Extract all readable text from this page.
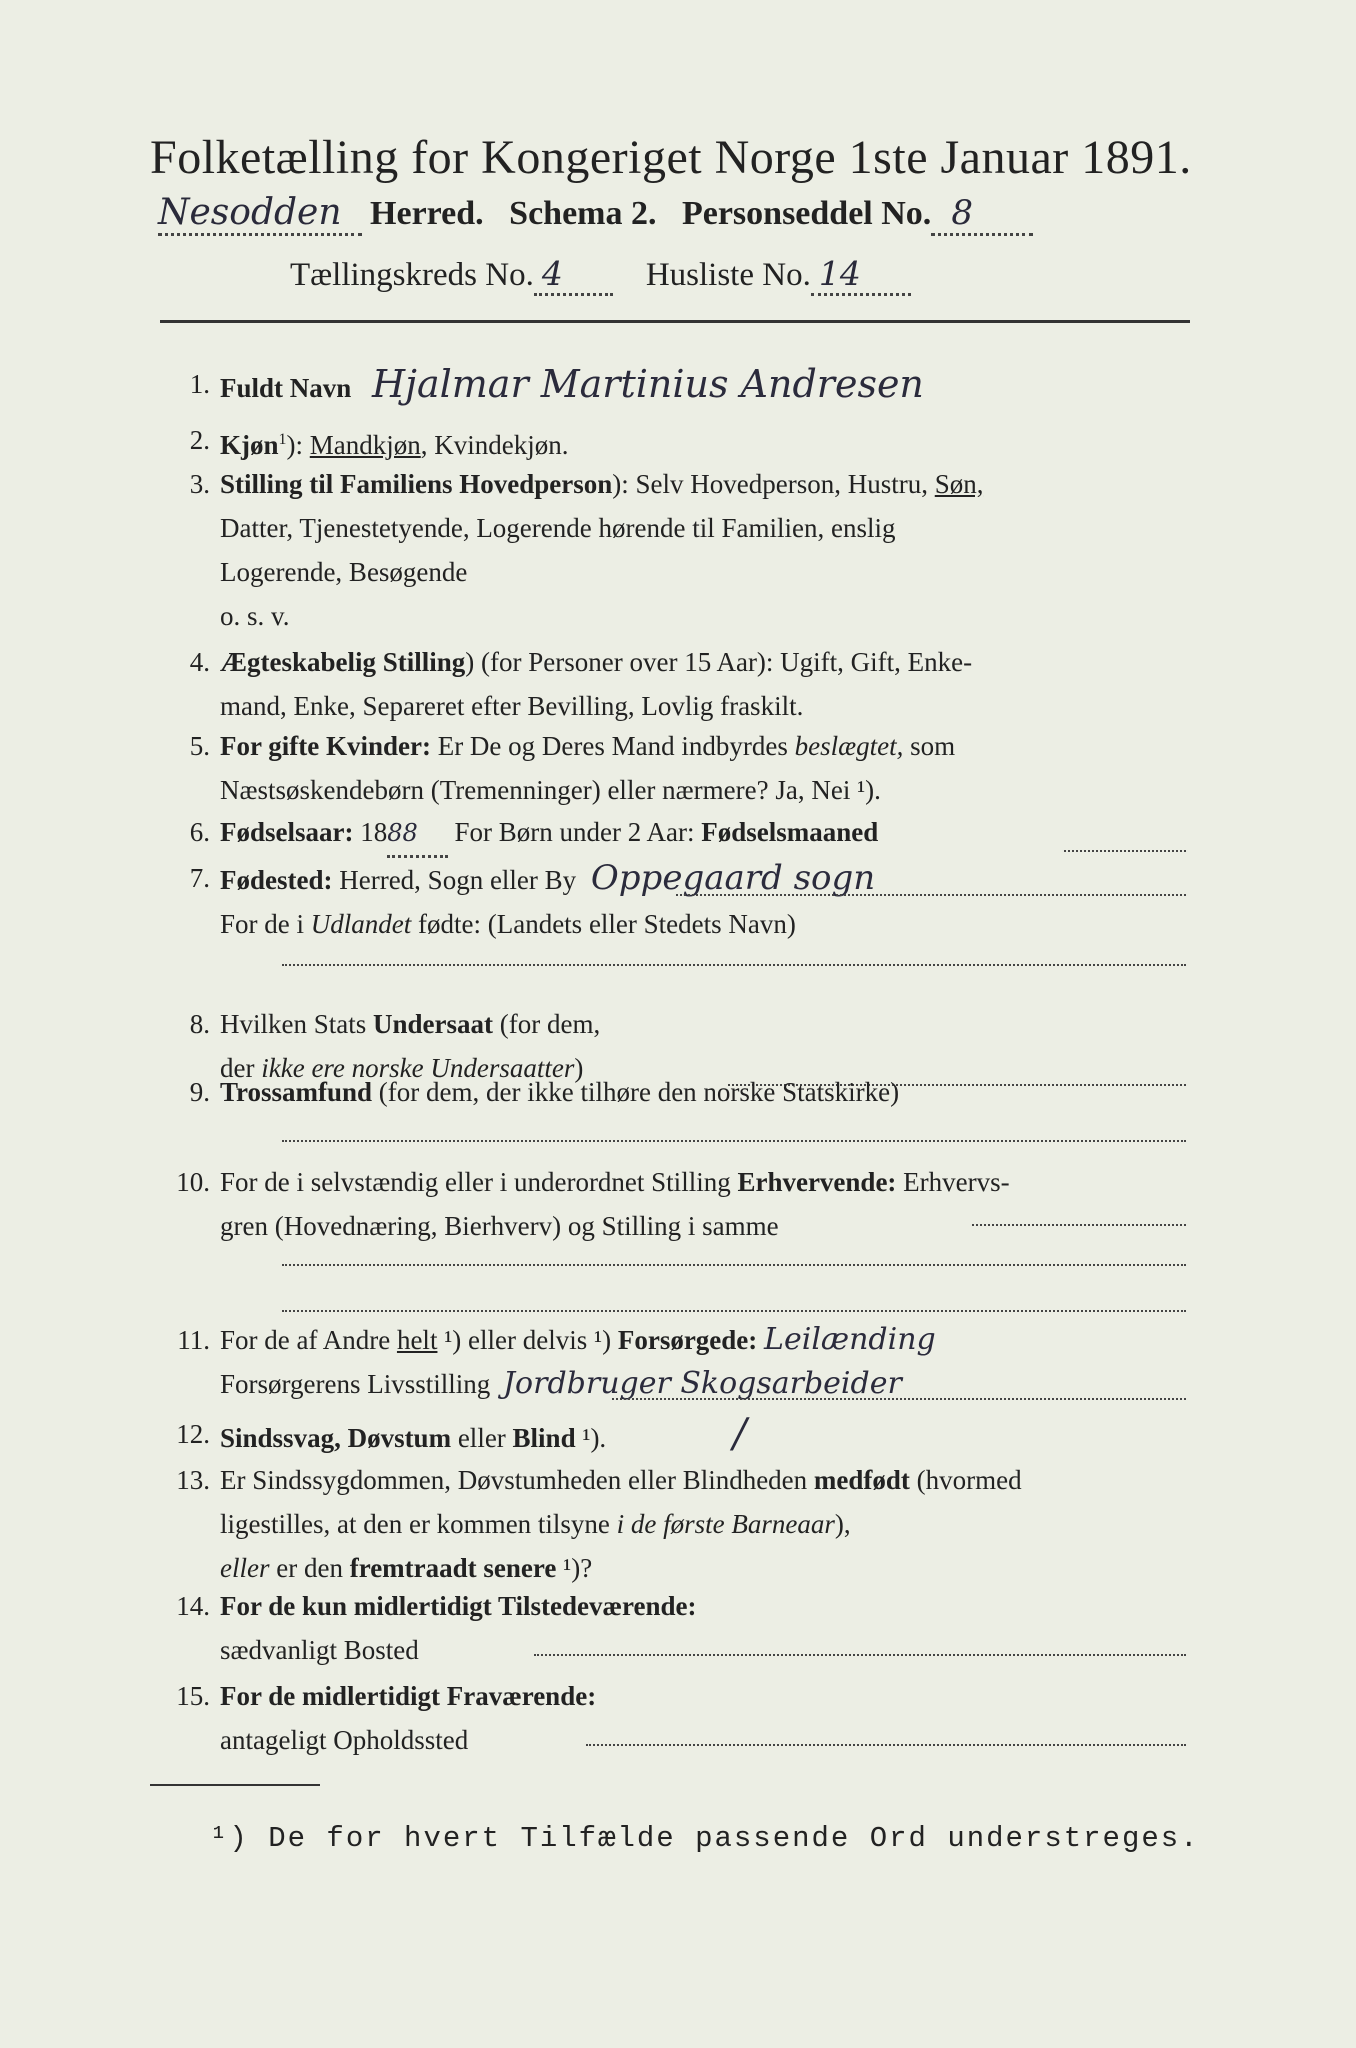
Folketælling for Kongeriget Norge 1ste Januar 1891.
Nesodden Herred. Schema 2. Personseddel No. 8
Tællingskreds No. 4	Husliste No. 14
1. Fuldt Navn Hjalmar Martinius Andresen
2. Kjøn$^1$): Mandkjøn, Kvindekjøn.
3. Stilling til Familiens Hovedperson): Selv Hovedperson, Hustru, Søn,
Datter, Tjenestetyende, Logerende hørende til Familien, enslig
Logerende, Besøgende
o. s. v.
4. Ægteskabelig Stilling) (for Personer over 15 Aar): Ugift, Gift, Enke-
mand, Enke, Separeret efter Bevilling, Lovlig fraskilt.
5. For gifte Kvinder: Er De og Deres Mand indbyrdes beslægtet, som
Næstsøskendebørn (Tremenninger) eller nærmere? Ja, Nei ¹).
6. Fødselsaar: 1888 For Børn under 2 Aar: Fødselsmaaned
7. Fødested: Herred, Sogn eller By Oppegaard sogn
For de i Udlandet fødte: (Landets eller Stedets Navn)
8. Hvilken Stats Undersaat (for dem,
der ikke ere norske Undersaatter)
9. Trossamfund (for dem, der ikke tilhøre den norske Statskirke)
10. For de i selvstændig eller i underordnet Stilling Erhvervende: Erhvervs-
gren (Hovednæring, Bierhverv) og Stilling i samme
11. For de af Andre helt ¹) eller delvis ¹) Forsørgede: Leilænding
Forsørgerens Livsstilling Jordbruger Skogsarbeider
12. Sindssvag, Døvstum eller Blind ¹).	/
13. Er Sindssygdommen, Døvstumheden eller Blindheden medfødt (hvormed
ligestilles, at den er kommen tilsyne i de første Barneaar),
eller er den fremtraadt senere ¹)?
14. For de kun midlertidigt Tilstedeværende:
sædvanligt Bosted
15. For de midlertidigt Fraværende:
antageligt Opholdssted
¹) De for hvert Tilfælde passende Ord understreges.
